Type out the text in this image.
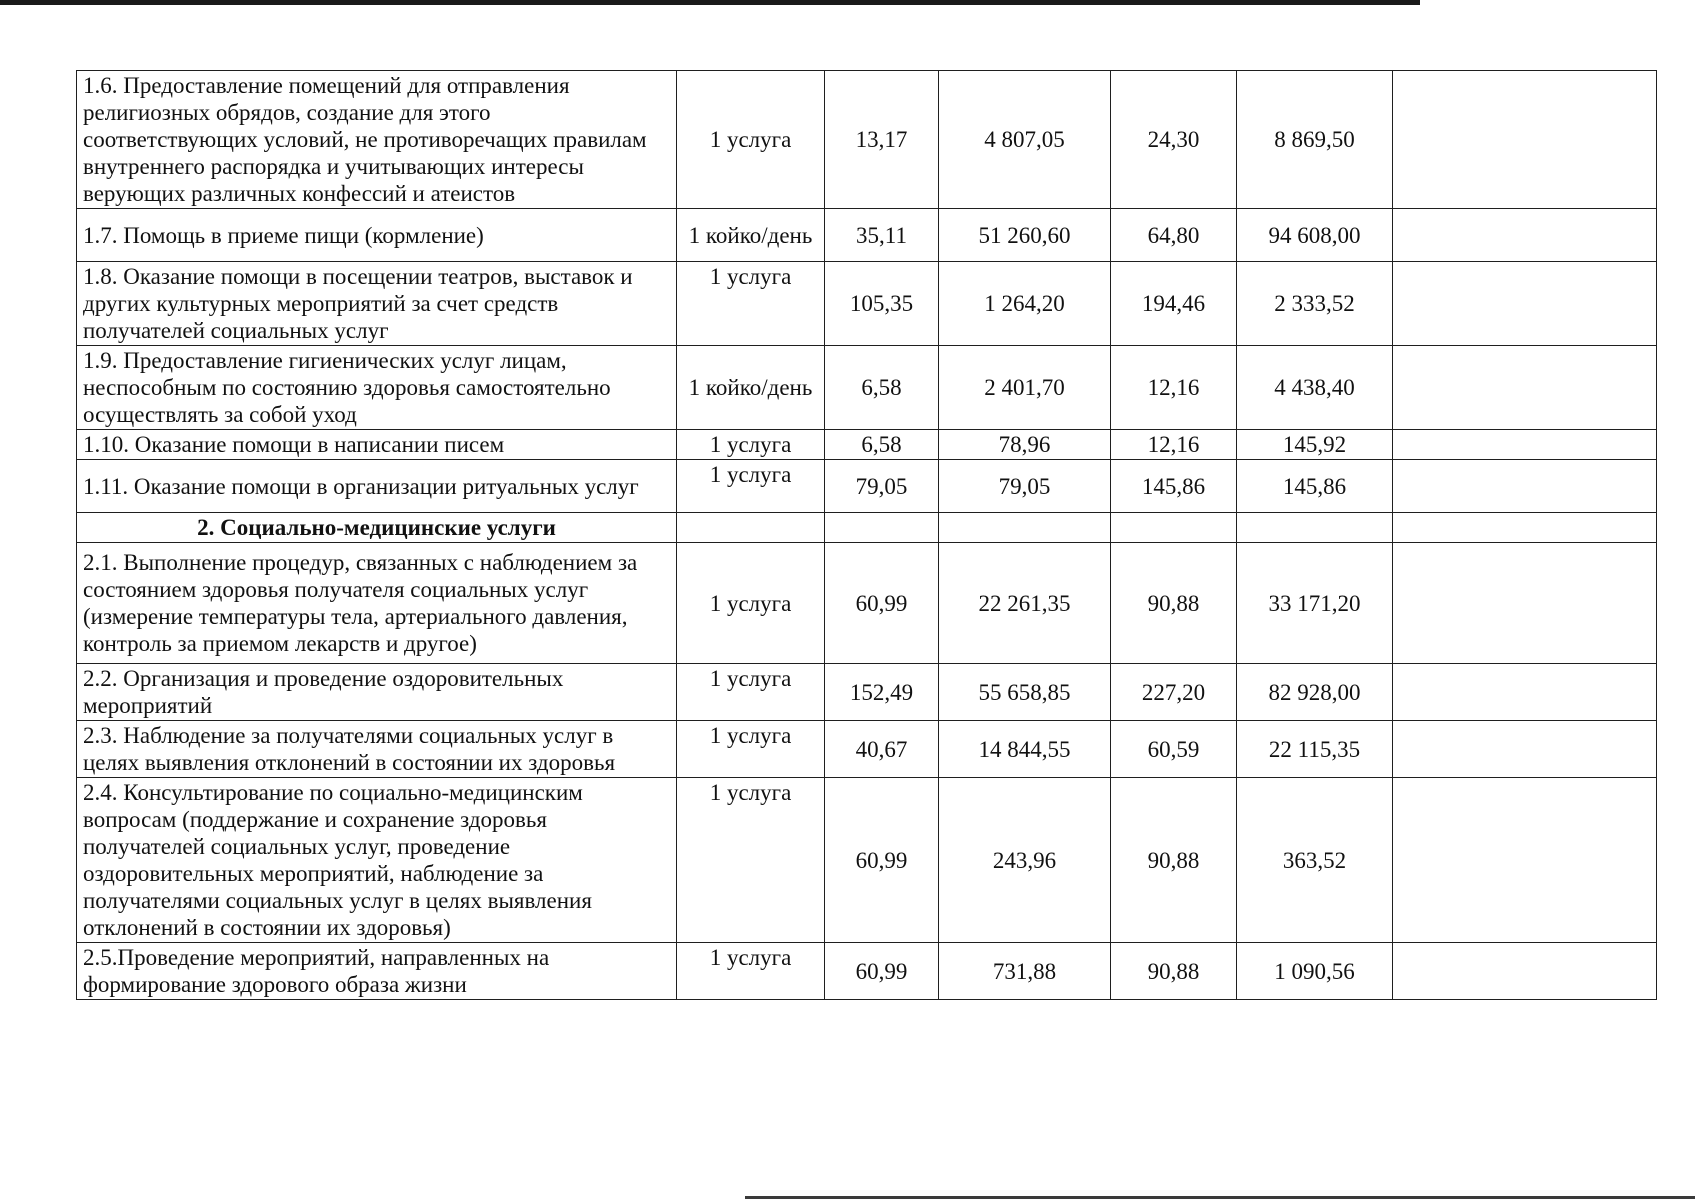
1.6. Предоставление помещений для отправления религиозных обрядов, создание для этого соответствующих условий, не противоречащих правилам внутреннего распорядка и учитывающих интересы верующих различных конфессий и атеистов	1 услуга	13,17	4 807,05	24,30	8 869,50	
1.7. Помощь в приеме пищи (кормление)	1 койко/день	35,11	51 260,60	64,80	94 608,00	
1.8. Оказание помощи в посещении театров, выставок и других культурных мероприятий за счет средств получателей социальных услуг	1 услуга	105,35	1 264,20	194,46	2 333,52	
1.9. Предоставление гигиенических услуг лицам, неспособным по состоянию здоровья самостоятельно осуществлять за собой уход	1 койко/день	6,58	2 401,70	12,16	4 438,40	
1.10. Оказание помощи в написании писем	1 услуга	6,58	78,96	12,16	145,92	
1.11. Оказание помощи в организации ритуальных услуг	1 услуга	79,05	79,05	145,86	145,86	
2. Социально-медицинские услуги						
2.1. Выполнение процедур, связанных с наблюдением за состоянием здоровья получателя социальных услуг (измерение температуры тела, артериального давления, контроль за приемом лекарств и другое)	1 услуга	60,99	22 261,35	90,88	33 171,20	
2.2. Организация и проведение оздоровительных мероприятий	1 услуга	152,49	55 658,85	227,20	82 928,00	
2.3. Наблюдение за получателями социальных услуг в целях выявления отклонений в состоянии их здоровья	1 услуга	40,67	14 844,55	60,59	22 115,35	
2.4. Консультирование по социально-медицинским вопросам (поддержание и сохранение здоровья получателей социальных услуг, проведение оздоровительных мероприятий, наблюдение за получателями социальных услуг в целях выявления отклонений в состоянии их здоровья)	1 услуга	60,99	243,96	90,88	363,52	
2.5.Проведение мероприятий, направленных на формирование здорового образа жизни	1 услуга	60,99	731,88	90,88	1 090,56	
